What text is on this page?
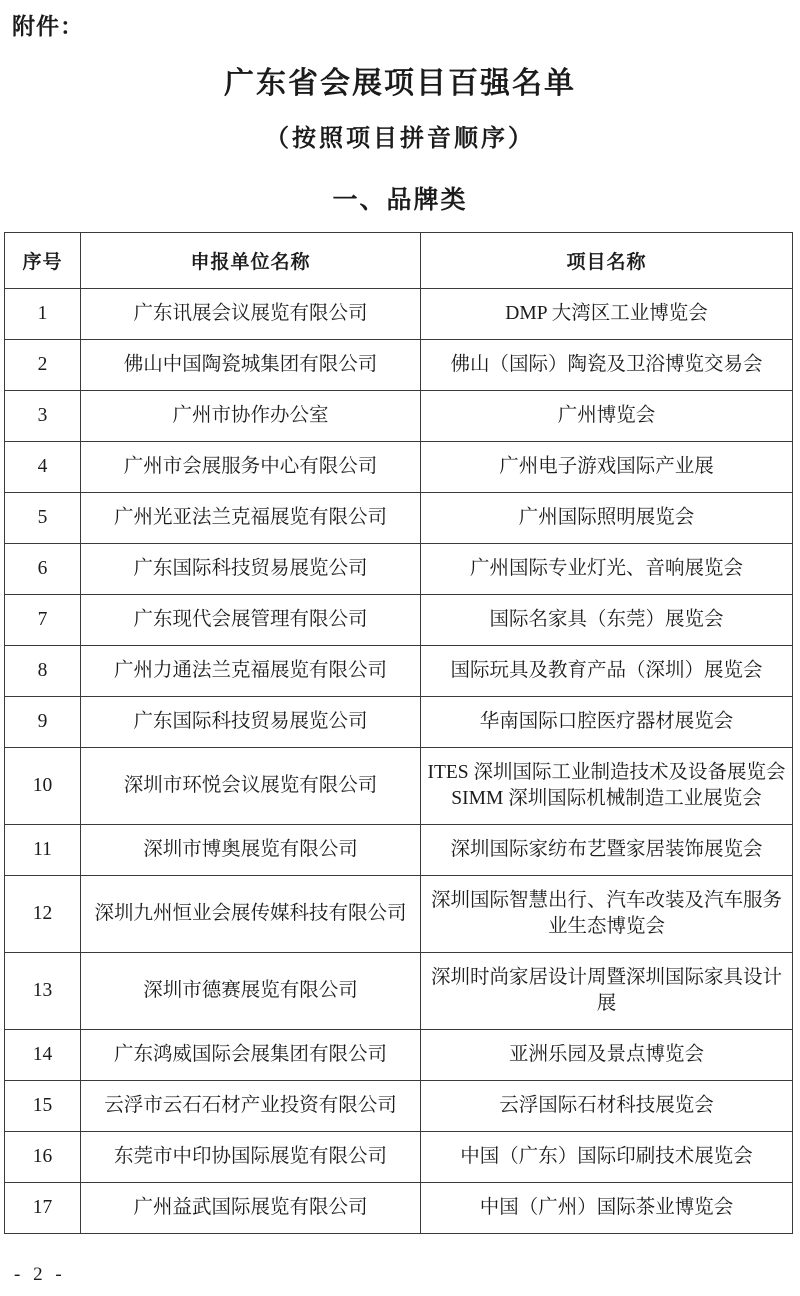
附件：
广东省会展项目百强名单
（按照项目拼音顺序）
一、品牌类
序号	申报单位名称	项目名称
1	广东讯展会议展览有限公司	DMP 大湾区工业博览会
2	佛山中国陶瓷城集团有限公司	佛山（国际）陶瓷及卫浴博览交易会
3	广州市协作办公室	广州博览会
4	广州市会展服务中心有限公司	广州电子游戏国际产业展
5	广州光亚法兰克福展览有限公司	广州国际照明展览会
6	广东国际科技贸易展览公司	广州国际专业灯光、音响展览会
7	广东现代会展管理有限公司	国际名家具（东莞）展览会
8	广州力通法兰克福展览有限公司	国际玩具及教育产品（深圳）展览会
9	广东国际科技贸易展览公司	华南国际口腔医疗器材展览会
10	深圳市环悦会议展览有限公司	ITES 深圳国际工业制造技术及设备展览会 SIMM 深圳国际机械制造工业展览会
11	深圳市博奥展览有限公司	深圳国际家纺布艺暨家居装饰展览会
12	深圳九州恒业会展传媒科技有限公司	深圳国际智慧出行、汽车改装及汽车服务业生态博览会
13	深圳市德赛展览有限公司	深圳时尚家居设计周暨深圳国际家具设计展
14	广东鸿威国际会展集团有限公司	亚洲乐园及景点博览会
15	云浮市云石石材产业投资有限公司	云浮国际石材科技展览会
16	东莞市中印协国际展览有限公司	中国（广东）国际印刷技术展览会
17	广州益武国际展览有限公司	中国（广州）国际茶业博览会
- 2 -
